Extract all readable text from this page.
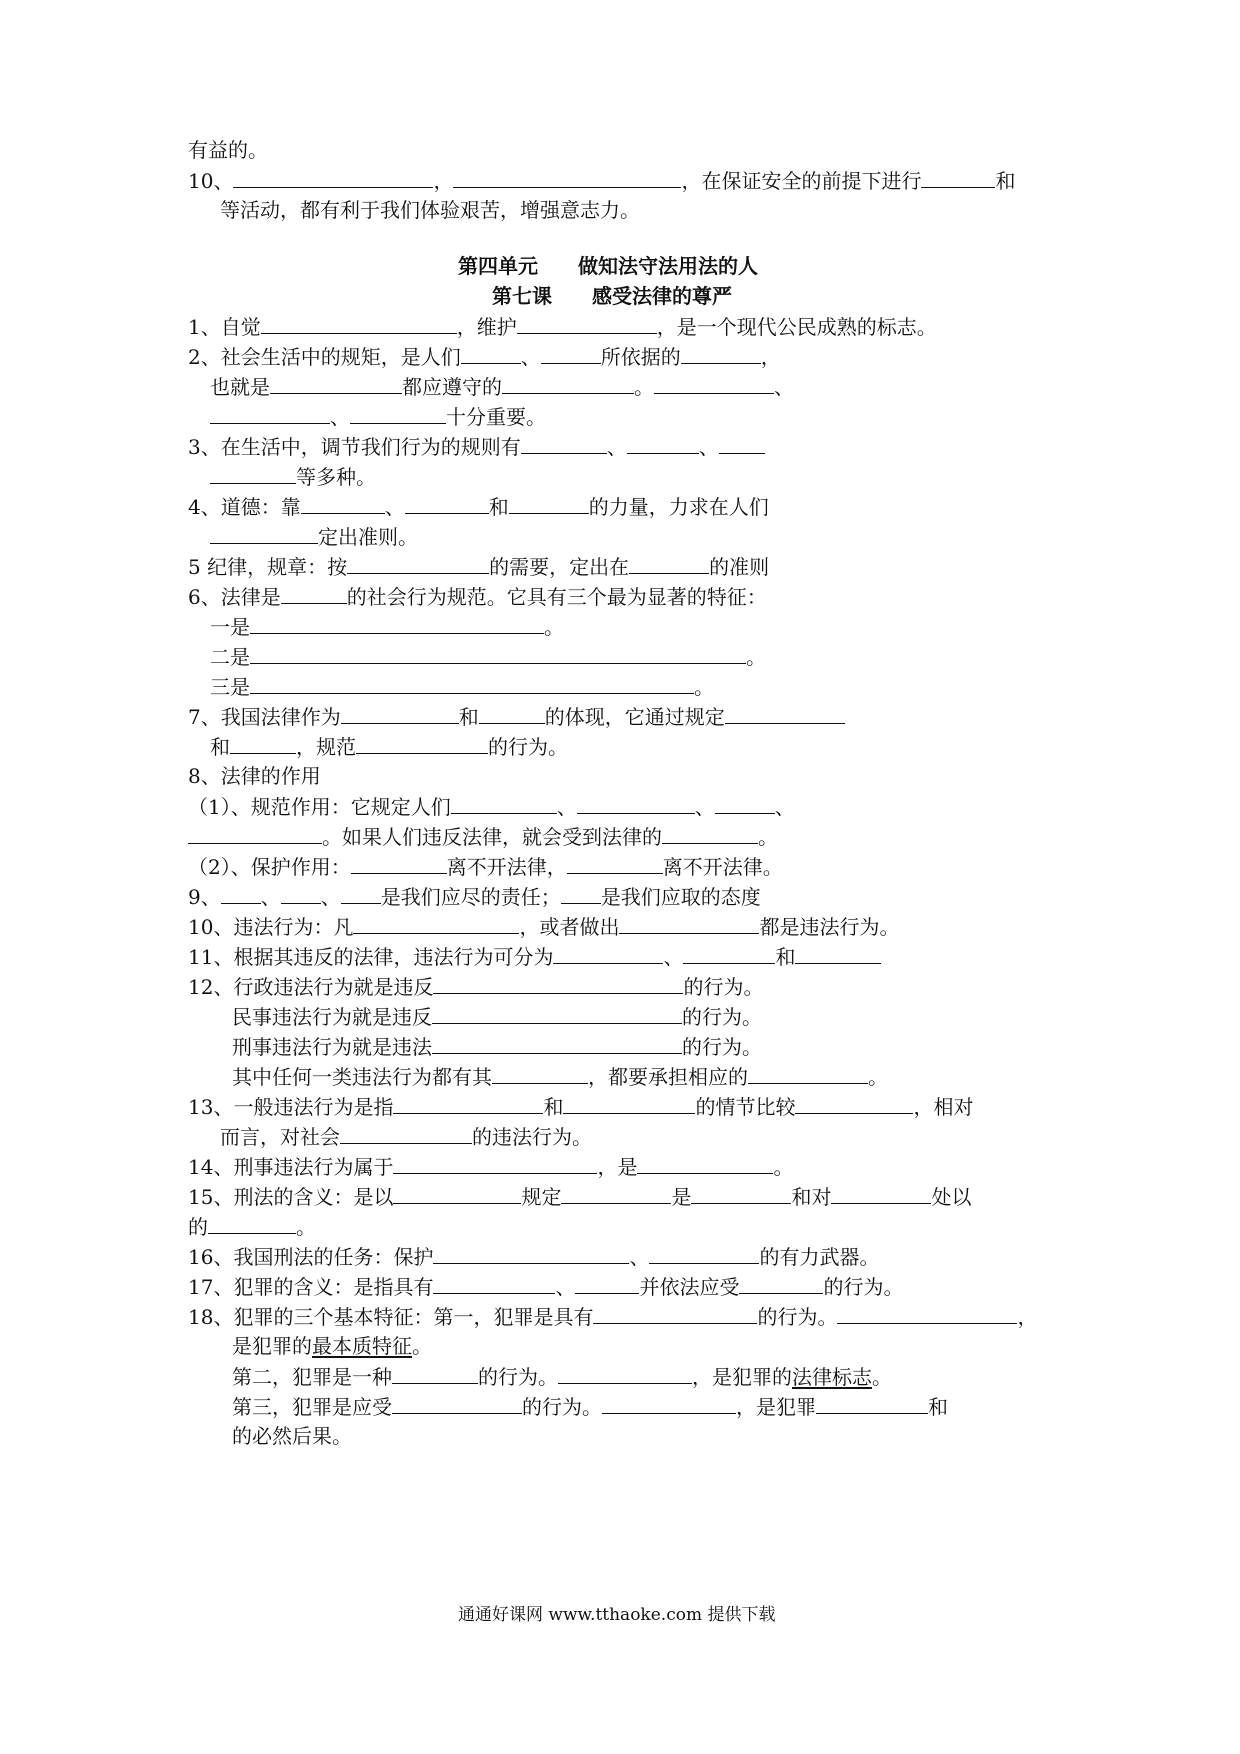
有益的。
10、	，	，在保证安全的前提下进行	和
等活动，都有利于我们体验艰苦，增强意志力。
第四单元　　做知法守法用法的人
第七课　　感受法律的尊严
1、自觉	，维护	，是一个现代公民成熟的标志。
2、社会生活中的规矩，是人们	、	所依据的	，
也就是	都应遵守的	。	、
、	十分重要。
3、在生活中，调节我们行为的规则有	、	、
等多种。
4、道德：靠	、	和	的力量，力求在人们
定出准则。
5 纪律，规章：按	的需要，定出在	的准则
6、法律是	的社会行为规范。它具有三个最为显著的特征：
一是	。
二是	。
三是	。
7、我国法律作为	和	的体现，它通过规定
和	，规范	的行为。
8、法律的作用
（1）、规范作用：它规定人们	、	、	、
。如果人们违反法律，就会受到法律的	。
（2）、保护作用：	离不开法律，	离不开法律。
9、 、 、 是我们应尽的责任； 是我们应取的态度
10、违法行为：凡	，或者做出	都是违法行为。
11、根据其违反的法律，违法行为可分为	、	和
12、行政违法行为就是违反	的行为。
民事违法行为就是违反	的行为。
刑事违法行为就是违法	的行为。
其中任何一类违法行为都有其	，都要承担相应的	。
13、一般违法行为是指	和	的情节比较	，相对
而言，对社会	的违法行为。
14、刑事违法行为属于	，是	。
15、刑法的含义：是以	规定	是	和对	处以
的	。
16、我国刑法的任务：保护	、	的有力武器。
17、犯罪的含义：是指具有	、	并依法应受	的行为。
18、犯罪的三个基本特征：第一，犯罪是具有	的行为。	，
是犯罪的最本质特征。
第二，犯罪是一种	的行为。	，是犯罪的法律标志。
第三，犯罪是应受	的行为。	，是犯罪	和
的必然后果。
通通好课网 www.tthaoke.com 提供下载
